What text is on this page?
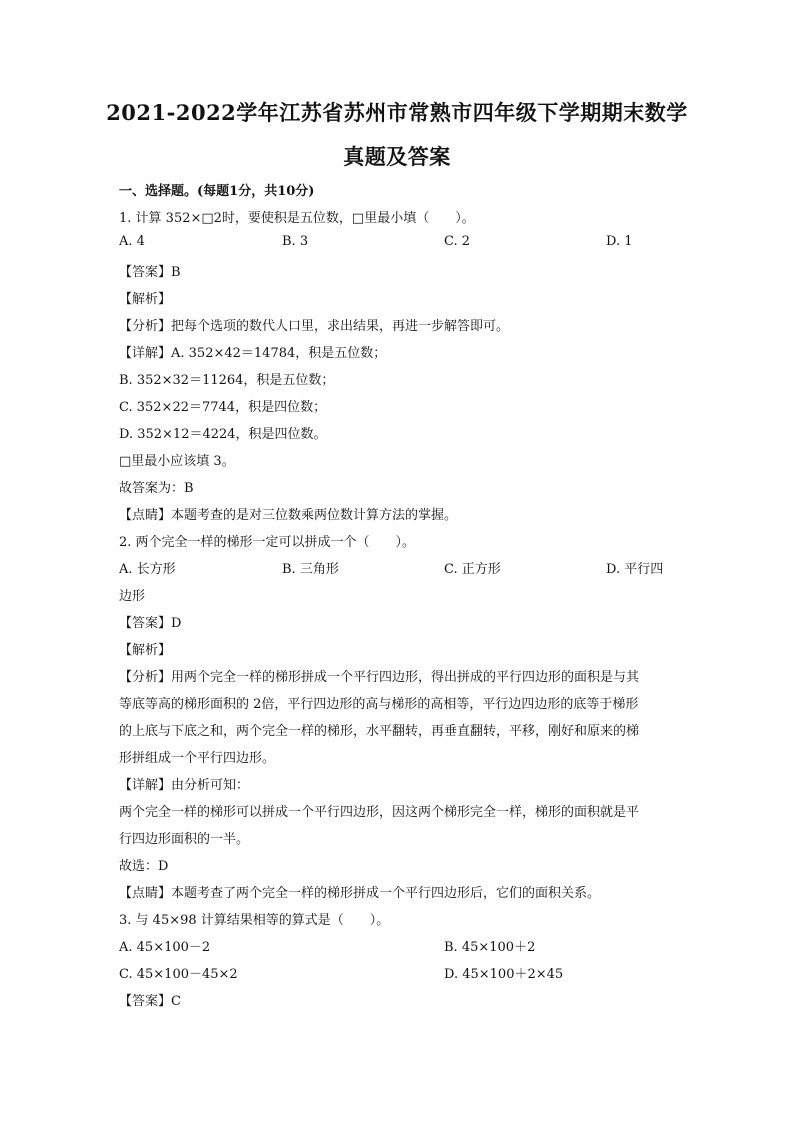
2021-2022学年江苏省苏州市常熟市四年级下学期期末数学
真题及答案
一、选择题。(每题1分，共10分)
1. 计算 352×□2时，要使积是五位数，□里最小填（　　）。
A. 4	B. 3	C. 2	D. 1
【答案】B
【解析】
【分析】把每个选项的数代人口里，求出结果，再进一步解答即可。
【详解】A. 352×42＝14784，积是五位数；
B. 352×32＝11264，积是五位数；
C. 352×22＝7744，积是四位数；
D. 352×12＝4224，积是四位数。
□里最小应该填 3。
故答案为：B
【点睛】本题考查的是对三位数乘两位数计算方法的掌握。
2. 两个完全一样的梯形一定可以拼成一个（　　）。
A. 长方形	B. 三角形	C. 正方形	D. 平行四
边形
【答案】D
【解析】
【分析】用两个完全一样的梯形拼成一个平行四边形，得出拼成的平行四边形的面积是与其
等底等高的梯形面积的 2倍，平行四边形的高与梯形的高相等，平行边四边形的底等于梯形
的上底与下底之和，两个完全一样的梯形，水平翻转，再垂直翻转，平移，刚好和原来的梯
形拼组成一个平行四边形。
【详解】由分析可知：
两个完全一样的梯形可以拼成一个平行四边形，因这两个梯形完全一样，梯形的面积就是平
行四边形面积的一半。
故选：D
【点睛】本题考查了两个完全一样的梯形拼成一个平行四边形后，它们的面积关系。
3. 与 45×98 计算结果相等的算式是（　　）。
A. 45×100－2	B. 45×100＋2
C. 45×100－45×2	D. 45×100＋2×45
【答案】C
